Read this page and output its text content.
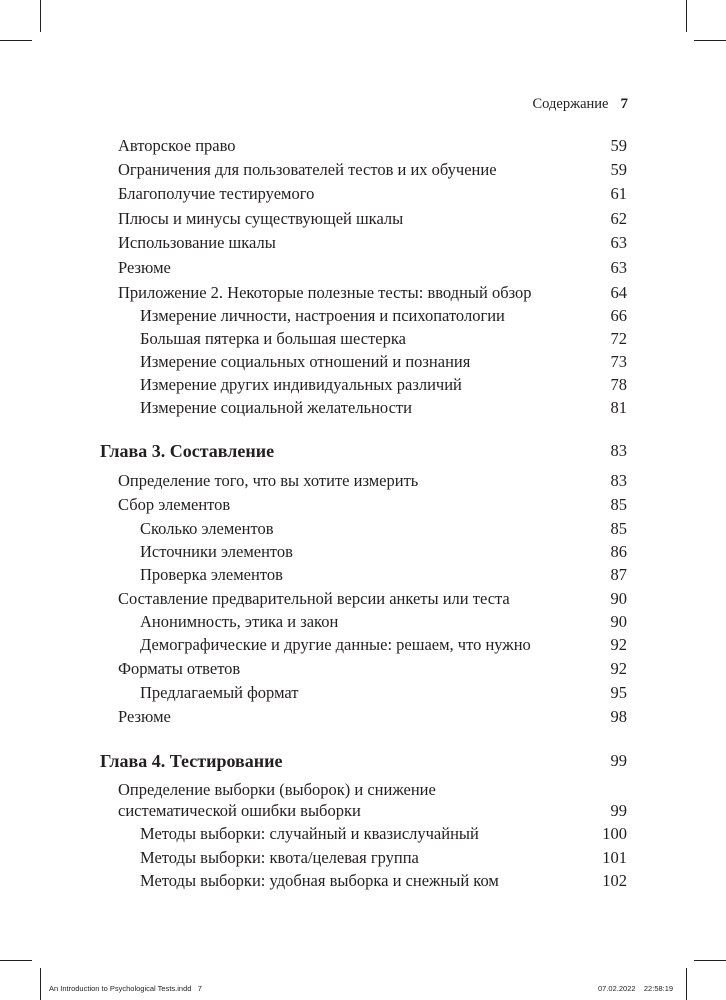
Содержание 7
Авторское право	59
Ограничения для пользователей тестов и их обучение	59
Благополучие тестируемого	61
Плюсы и минусы существующей шкалы	62
Использование шкалы	63
Резюме	63
Приложение 2. Некоторые полезные тесты: вводный обзор	64
Измерение личности, настроения и психопатологии	66
Большая пятерка и большая шестерка	72
Измерение социальных отношений и познания	73
Измерение других индивидуальных различий	78
Измерение социальной желательности	81
Глава 3. Составление	83
Определение того, что вы хотите измерить	83
Сбор элементов	85
Сколько элементов	85
Источники элементов	86
Проверка элементов	87
Составление предварительной версии анкеты или теста	90
Анонимность, этика и закон	90
Демографические и другие данные: решаем, что нужно	92
Форматы ответов	92
Предлагаемый формат	95
Резюме	98
Глава 4. Тестирование	99
Определение выборки (выборок) и снижение
систематической ошибки выборки	99
Методы выборки: случайный и квазислучайный	100
Методы выборки: квота/целевая группа	101
Методы выборки: удобная выборка и снежный ком	102
An Introduction to Psychological Tests.indd 7	07.02.2022 22:58:19
